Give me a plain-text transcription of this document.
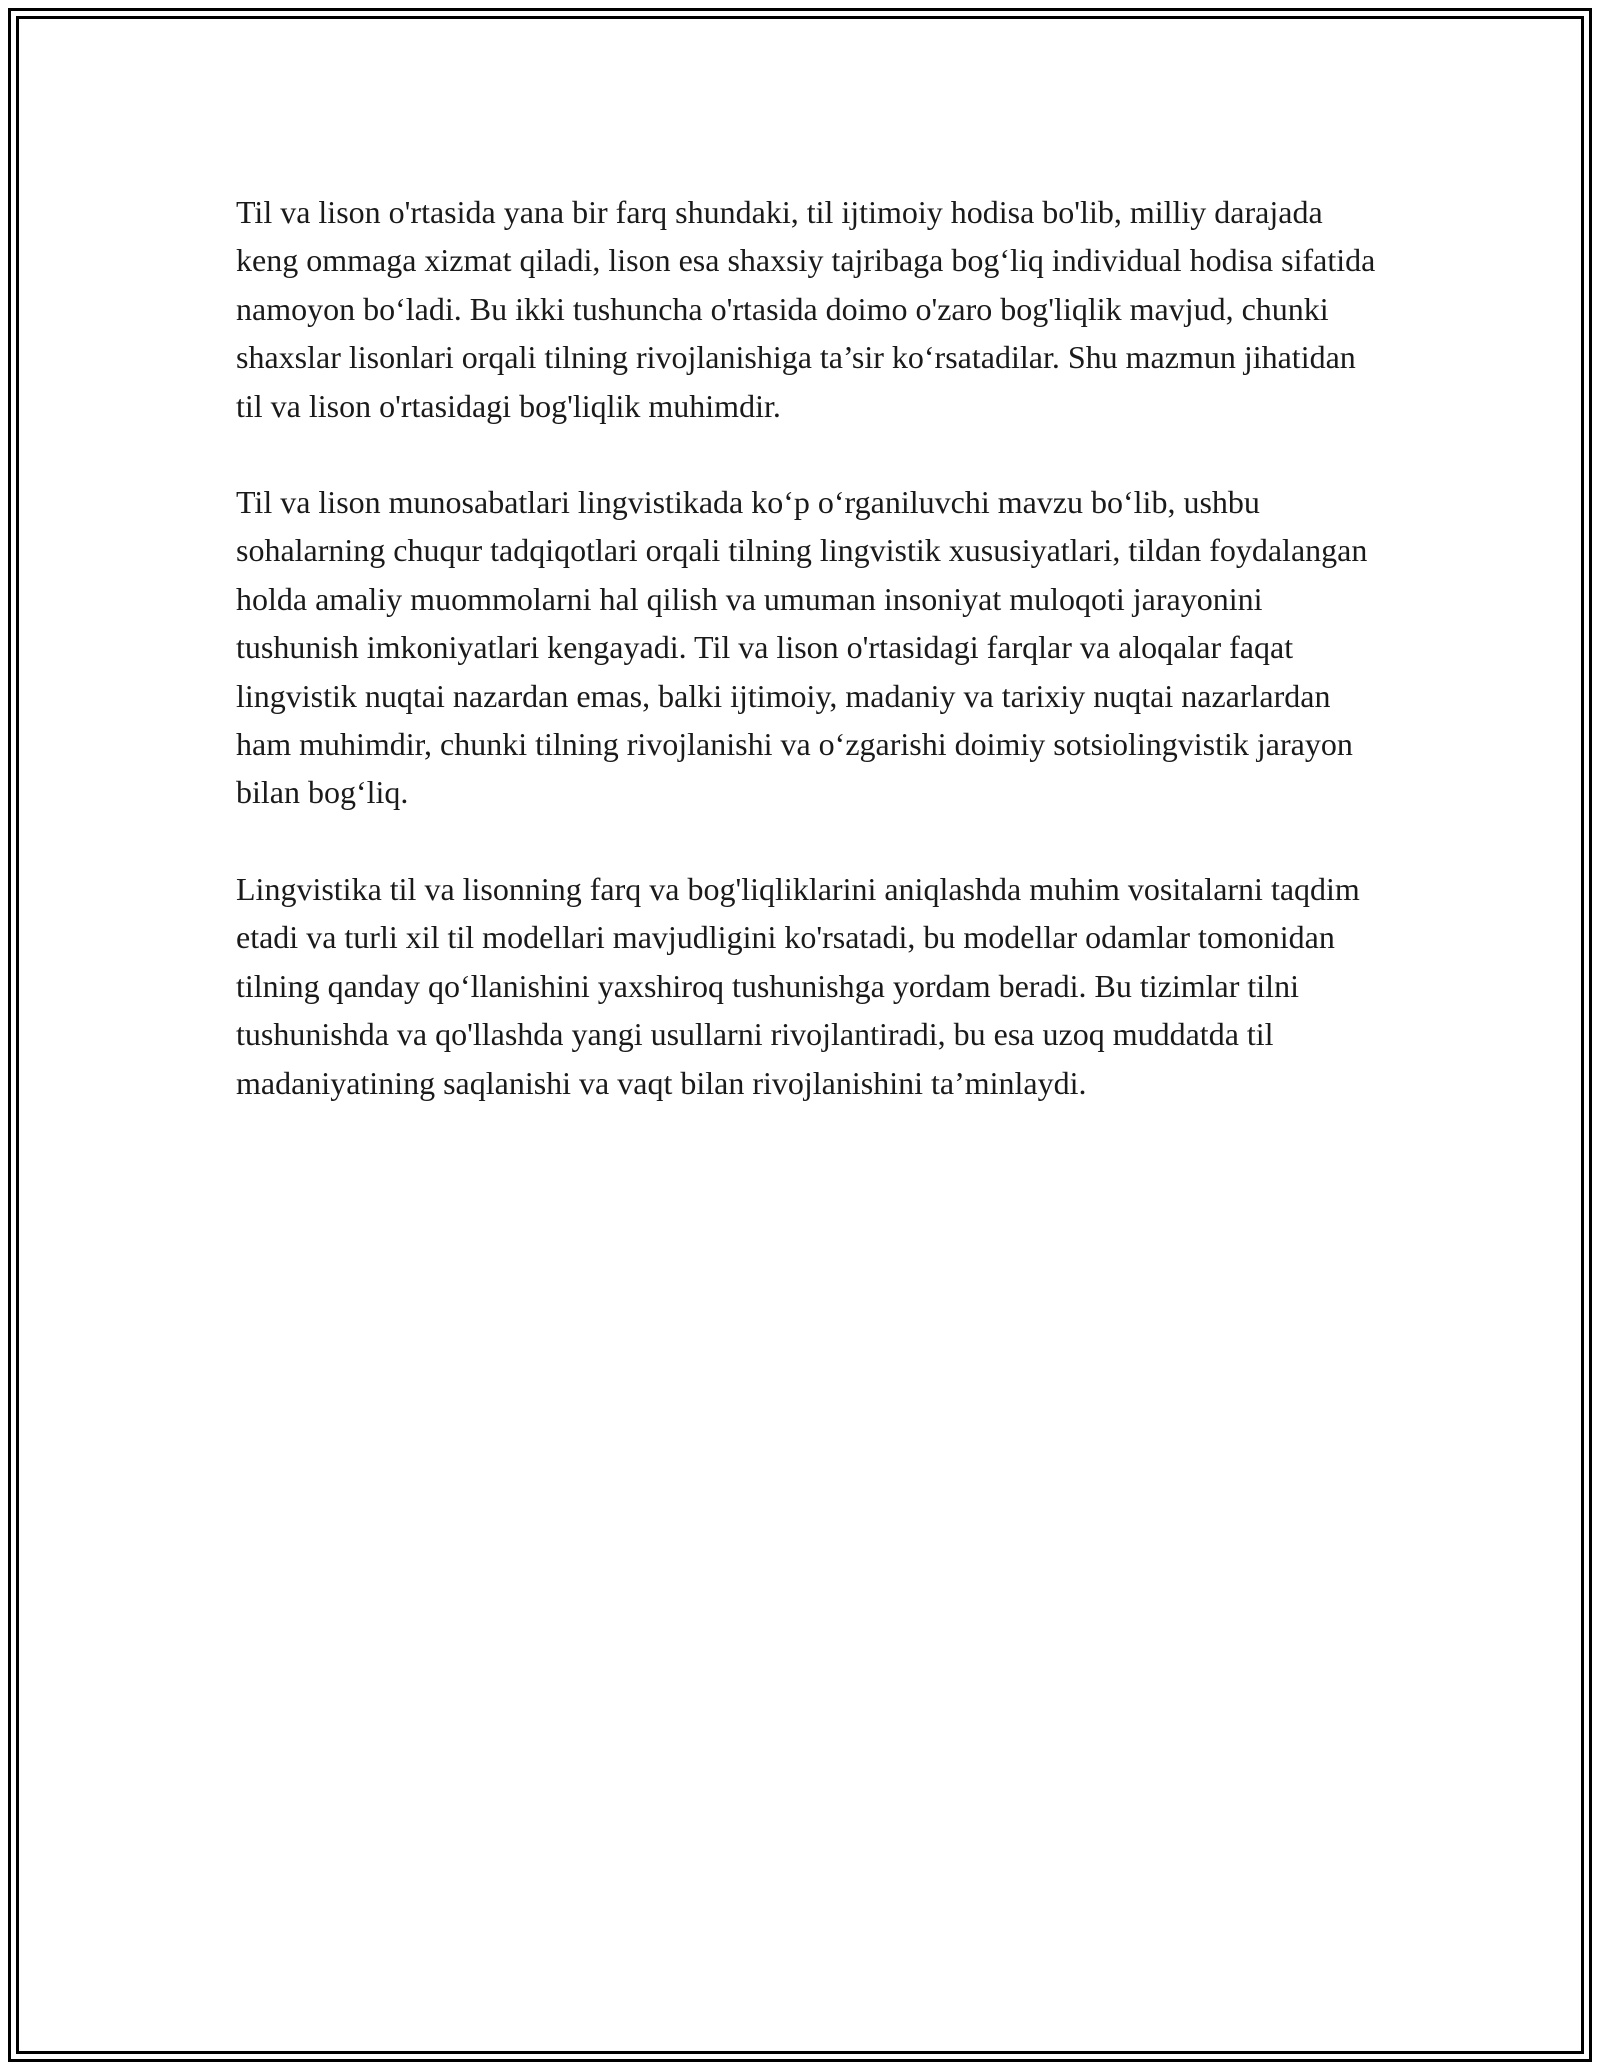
Til va lison o'rtasida yana bir farq shundaki, til ijtimoiy hodisa bo'lib, milliy darajada keng ommaga xizmat qiladi, lison esa shaxsiy tajribaga bog‘liq individual hodisa sifatida namoyon bo‘ladi. Bu ikki tushuncha o'rtasida doimo o'zaro bog'liqlik mavjud, chunki shaxslar lisonlari orqali tilning rivojlanishiga ta’sir ko‘rsatadilar. Shu mazmun jihatidan til va lison o'rtasidagi bog'liqlik muhimdir.

Til va lison munosabatlari lingvistikada ko‘p o‘rganiluvchi mavzu bo‘lib, ushbu sohalarning chuqur tadqiqotlari orqali tilning lingvistik xususiyatlari, tildan foydalangan holda amaliy muommolarni hal qilish va umuman insoniyat muloqoti jarayonini tushunish imkoniyatlari kengayadi. Til va lison o'rtasidagi farqlar va aloqalar faqat lingvistik nuqtai nazardan emas, balki ijtimoiy, madaniy va tarixiy nuqtai nazarlardan ham muhimdir, chunki tilning rivojlanishi va o‘zgarishi doimiy sotsiolingvistik jarayon bilan bog‘liq.

Lingvistika til va lisonning farq va bog'liqliklarini aniqlashda muhim vositalarni taqdim etadi va turli xil til modellari mavjudligini ko'rsatadi, bu modellar odamlar tomonidan tilning qanday qo‘llanishini yaxshiroq tushunishga yordam beradi. Bu tizimlar tilni tushunishda va qo'llashda yangi usullarni rivojlantiradi, bu esa uzoq muddatda til madaniyatining saqlanishi va vaqt bilan rivojlanishini ta’minlaydi.
